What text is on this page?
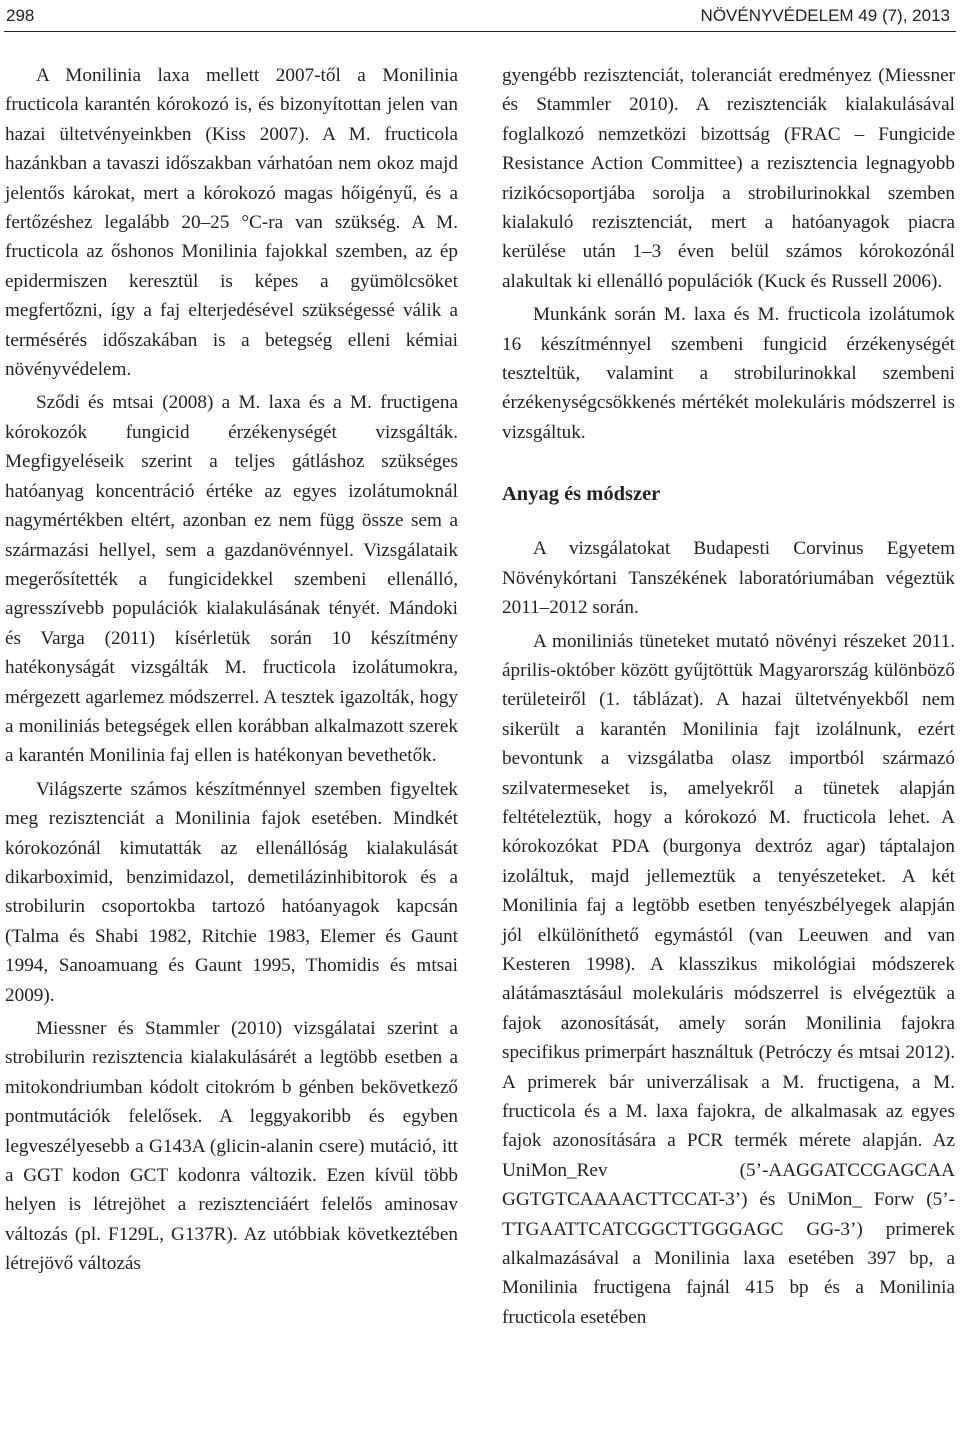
298	NÖVÉNYVÉDELEM 49 (7), 2013

A Monilinia laxa mellett 2007-től a Monilinia fructicola karantén kórokozó is, és bizonyítottan jelen van hazai ültetvényeinkben (Kiss 2007). A M. fructicola hazánkban a tavaszi időszakban várhatóan nem okoz majd jelentős károkat, mert a kórokozó magas hőigényű, és a fertőzéshez legalább 20–25 °C-ra van szükség. A M. fructicola az őshonos Monilinia fajokkal szemben, az ép epidermiszen keresztül is képes a gyümölcsöket megfertőzni, így a faj elterjedésével szükségessé válik a termésérés időszakában is a betegség elleni kémiai növényvédelem.

Sződi és mtsai (2008) a M. laxa és a M. fructigena kórokozók fungicid érzékenységét vizsgálták. Megfigyeléseik szerint a teljes gátláshoz szükséges hatóanyag koncentráció értéke az egyes izolátumoknál nagymértékben eltért, azonban ez nem függ össze sem a származási hellyel, sem a gazdanövénnyel. Vizsgálataik megerősítették a fungicidekkel szembeni ellenálló, agresszívebb populációk kialakulásának tényét. Mándoki és Varga (2011) kísérletük során 10 készítmény hatékonyságát vizsgálták M. fructicola izolátumokra, mérgezett agarlemez módszerrel. A tesztek igazolták, hogy a moniliniás betegségek ellen korábban alkalmazott szerek a karantén Monilinia faj ellen is hatékonyan bevethetők.

Világszerte számos készítménnyel szemben figyeltek meg rezisztenciát a Monilinia fajok esetében. Mindkét kórokozónál kimutatták az ellenállóság kialakulását dikarboximid, benzimidazol, demetilázinhibitorok és a strobilurin csoportokba tartozó hatóanyagok kapcsán (Talma és Shabi 1982, Ritchie 1983, Elemer és Gaunt 1994, Sanoamuang és Gaunt 1995, Thomidis és mtsai 2009).

Miessner és Stammler (2010) vizsgálatai szerint a strobilurin rezisztencia kialakulásárét a legtöbb esetben a mitokondriumban kódolt citokróm b génben bekövetkező pontmutációk felelősek. A leggyakoribb és egyben legveszélyesebb a G143A (glicin-alanin csere) mutáció, itt a GGT kodon GCT kodonra változik. Ezen kívül több helyen is létrejöhet a rezisztenciáért felelős aminosav változás (pl. F129L, G137R). Az utóbbiak következtében létrejövő változás

gyengébb rezisztenciát, toleranciát eredményez (Miessner és Stammler 2010). A rezisztenciák kialakulásával foglalkozó nemzetközi bizottság (FRAC – Fungicide Resistance Action Committee) a rezisztencia legnagyobb rizikócsoportjába sorolja a strobilurinokkal szemben kialakuló rezisztenciát, mert a hatóanyagok piacra kerülése után 1–3 éven belül számos kórokozónál alakultak ki ellenálló populációk (Kuck és Russell 2006).

Munkánk során M. laxa és M. fructicola izolátumok 16 készítménnyel szembeni fungicid érzékenységét teszteltük, valamint a strobilurinokkal szembeni érzékenységcsökkenés mértékét molekuláris módszerrel is vizsgáltuk.

Anyag és módszer

A vizsgálatokat Budapesti Corvinus Egyetem Növénykórtani Tanszékének laboratóriumában végeztük 2011–2012 során.

A moniliniás tüneteket mutató növényi részeket 2011. április-október között gyűjtöttük Magyarország különböző területeiről (1. táblázat). A hazai ültetvényekből nem sikerült a karantén Monilinia fajt izolálnunk, ezért bevontunk a vizsgálatba olasz importból származó szilvatermeseket is, amelyekről a tünetek alapján feltételeztük, hogy a kórokozó M. fructicola lehet. A kórokozókat PDA (burgonya dextróz agar) táptalajon izoláltuk, majd jellemeztük a tenyészeteket. A két Monilinia faj a legtöbb esetben tenyészbélyegek alapján jól elkülöníthető egymástól (van Leeuwen and van Kesteren 1998). A klasszikus mikológiai módszerek alátámasztásául molekuláris módszerrel is elvégeztük a fajok azonosítását, amely során Monilinia fajokra specifikus primerpárt használtuk (Petróczy és mtsai 2012). A primerek bár univerzálisak a M. fructigena, a M. fructicola és a M. laxa fajokra, de alkalmasak az egyes fajok azonosítására a PCR termék mérete alapján. Az UniMon_Rev (5’-AAGGATCCGAGCAA GGTGTCAAAACTTCCAT-3’) és UniMon_ Forw (5’-TTGAATTCATCGGCTTGGGAGC GG-3’) primerek alkalmazásával a Monilinia laxa esetében 397 bp, a Monilinia fructigena fajnál 415 bp és a Monilinia fructicola esetében
